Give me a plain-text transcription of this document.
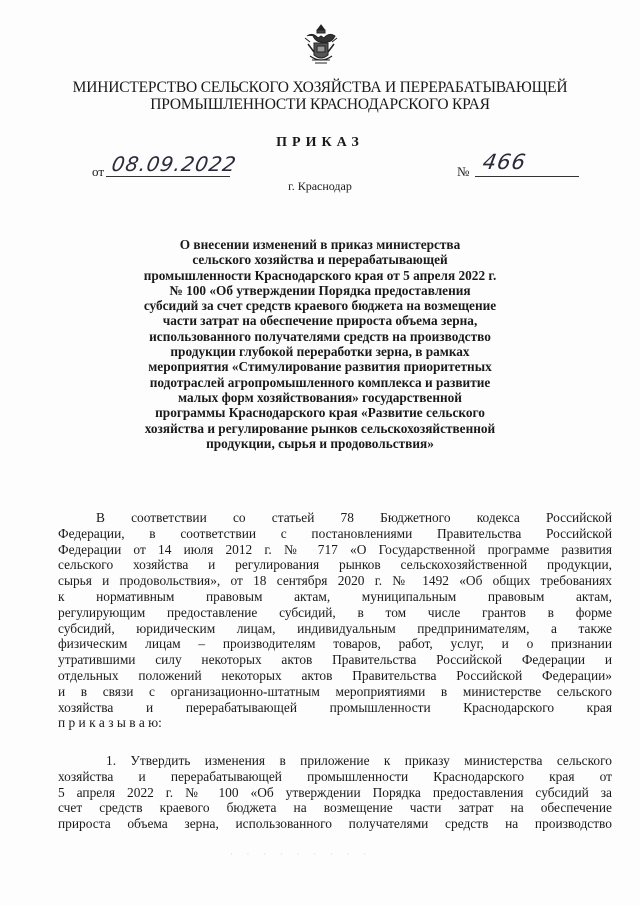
МИНИСТЕРСТВО СЕЛЬСКОГО ХОЗЯЙСТВА И ПЕРЕРАБАТЫВАЮЩЕЙ
ПРОМЫШЛЕННОСТИ КРАСНОДАРСКОГО КРАЯ
ПРИКАЗ
от 08.09.2022	№ 466
г. Краснодар
О внесении изменений в приказ министерства
сельского хозяйства и перерабатывающей
промышленности Краснодарского края от 5 апреля 2022 г.
№ 100 «Об утверждении Порядка предоставления
субсидий за счет средств краевого бюджета на возмещение
части затрат на обеспечение прироста объема зерна,
использованного получателями средств на производство
продукции глубокой переработки зерна, в рамках
мероприятия «Стимулирование развития приоритетных
подотраслей агропромышленного комплекса и развитие
малых форм хозяйствования» государственной
программы Краснодарского края «Развитие сельского
хозяйства и регулирование рынков сельскохозяйственной
продукции, сырья и продовольствия»
В соответствии со статьей 78 Бюджетного кодекса Российской
Федерации, в соответствии с постановлениями Правительства Российской
Федерации от 14 июля 2012 г. № 717 «О Государственной программе развития
сельского хозяйства и регулирования рынков сельскохозяйственной продукции,
сырья и продовольствия», от 18 сентября 2020 г. № 1492 «Об общих требованиях
к нормативным правовым актам, муниципальным правовым актам,
регулирующим предоставление субсидий, в том числе грантов в форме
субсидий, юридическим лицам, индивидуальным предпринимателям, а также
физическим лицам – производителям товаров, работ, услуг, и о признании
утратившими силу некоторых актов Правительства Российской Федерации и
отдельных положений некоторых актов Правительства Российской Федерации»
и в связи с организационно-штатным мероприятиями в министерстве сельского
хозяйства и перерабатывающей промышленности Краснодарского края
п р и к а з ы в а ю:
1. Утвердить изменения в приложение к приказу министерства сельского
хозяйства и перерабатывающей промышленности Краснодарского края от
5 апреля 2022 г. № 100 «Об утверждении Порядка предоставления субсидий за
счет средств краевого бюджета на возмещение части затрат на обеспечение
прироста объема зерна, использованного получателями средств на производство
· · · · · · · · ·
